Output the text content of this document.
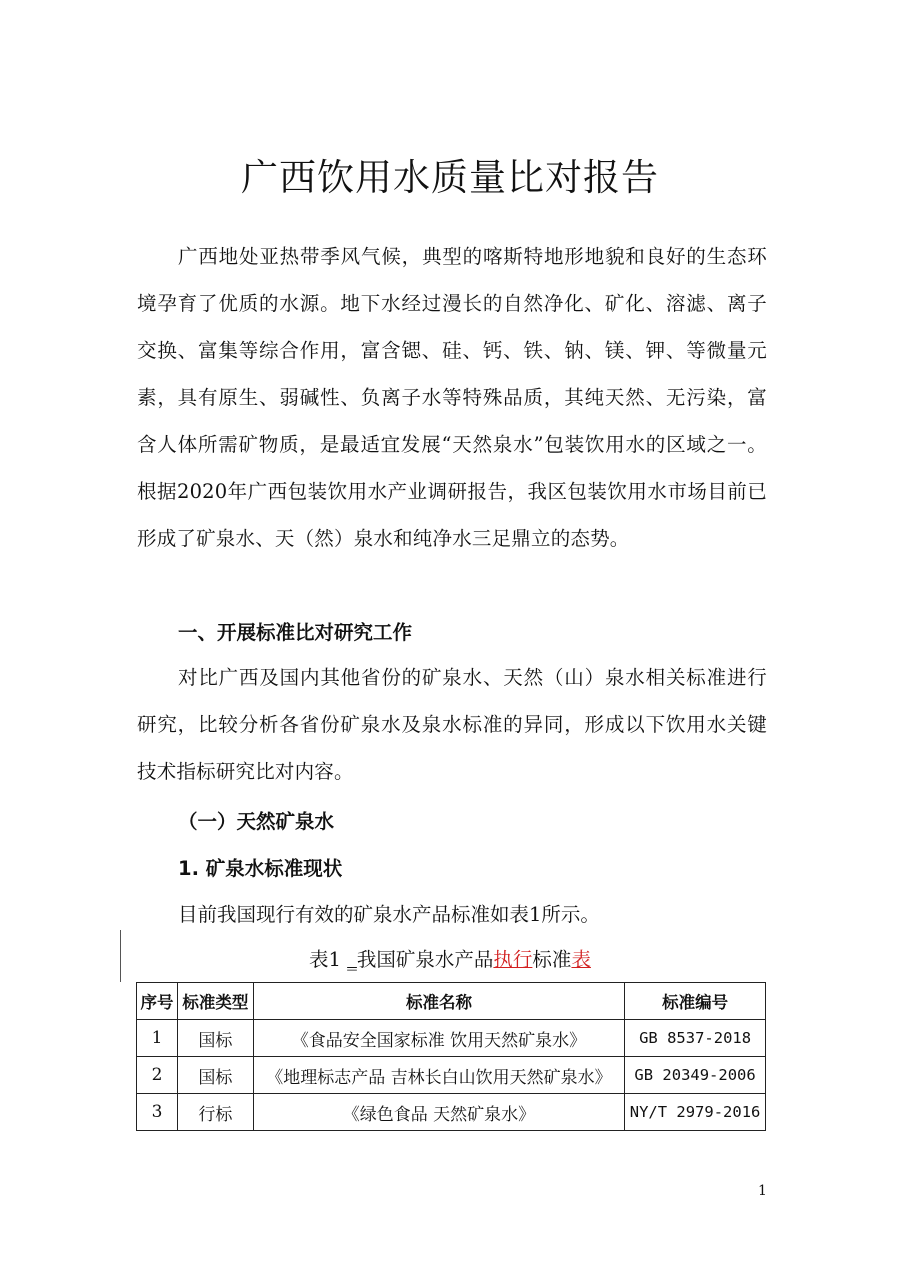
广西饮用水质量比对报告

广西地处亚热带季风气候，典型的喀斯特地形地貌和良好的生态环境孕育了优质的水源。地下水经过漫长的自然净化、矿化、溶滤、离子交换、富集等综合作用，富含锶、硅、钙、铁、钠、镁、钾、等微量元素，具有原生、弱碱性、负离子水等特殊品质，其纯天然、无污染，富含人体所需矿物质，是最适宜发展“天然泉水”包装饮用水的区域之一。根据2020年广西包装饮用水产业调研报告，我区包装饮用水市场目前已形成了矿泉水、天（然）泉水和纯净水三足鼎立的态势。

一、开展标准比对研究工作

对比广西及国内其他省份的矿泉水、天然（山）泉水相关标准进行研究，比较分析各省份矿泉水及泉水标准的异同，形成以下饮用水关键技术指标研究比对内容。

（一）天然矿泉水

1. 矿泉水标准现状

目前我国现行有效的矿泉水产品标准如表1所示。

表1 _我国矿泉水产品执行标准表
序号	标准类型	标准名称	标准编号
1	国标	《食品安全国家标准 饮用天然矿泉水》	GB 8537-2018
2	国标	《地理标志产品 吉林长白山饮用天然矿泉水》	GB 20349-2006
3	行标	《绿色食品 天然矿泉水》	NY/T 2979-2016
1
